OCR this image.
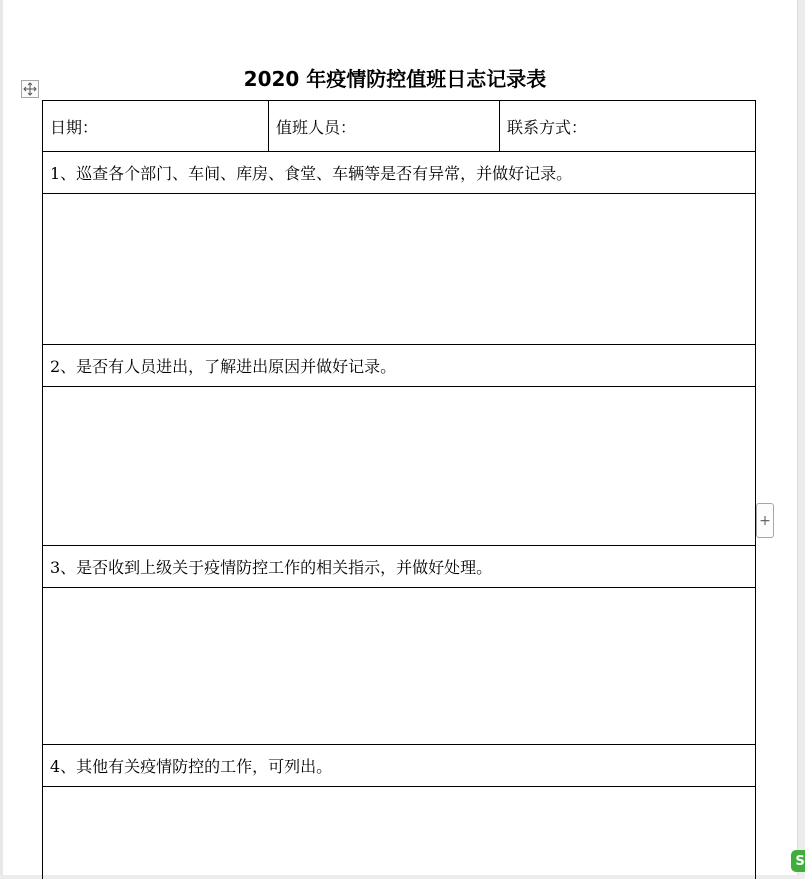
2020 年疫情防控值班日志记录表
日期：	值班人员：	联系方式：
1、巡查各个部门、车间、库房、食堂、车辆等是否有异常，并做好记录。

2、是否有人员进出，了解进出原因并做好记录。

3、是否收到上级关于疫情防控工作的相关指示，并做好处理。

4、其他有关疫情防控的工作，可列出。

+
S
